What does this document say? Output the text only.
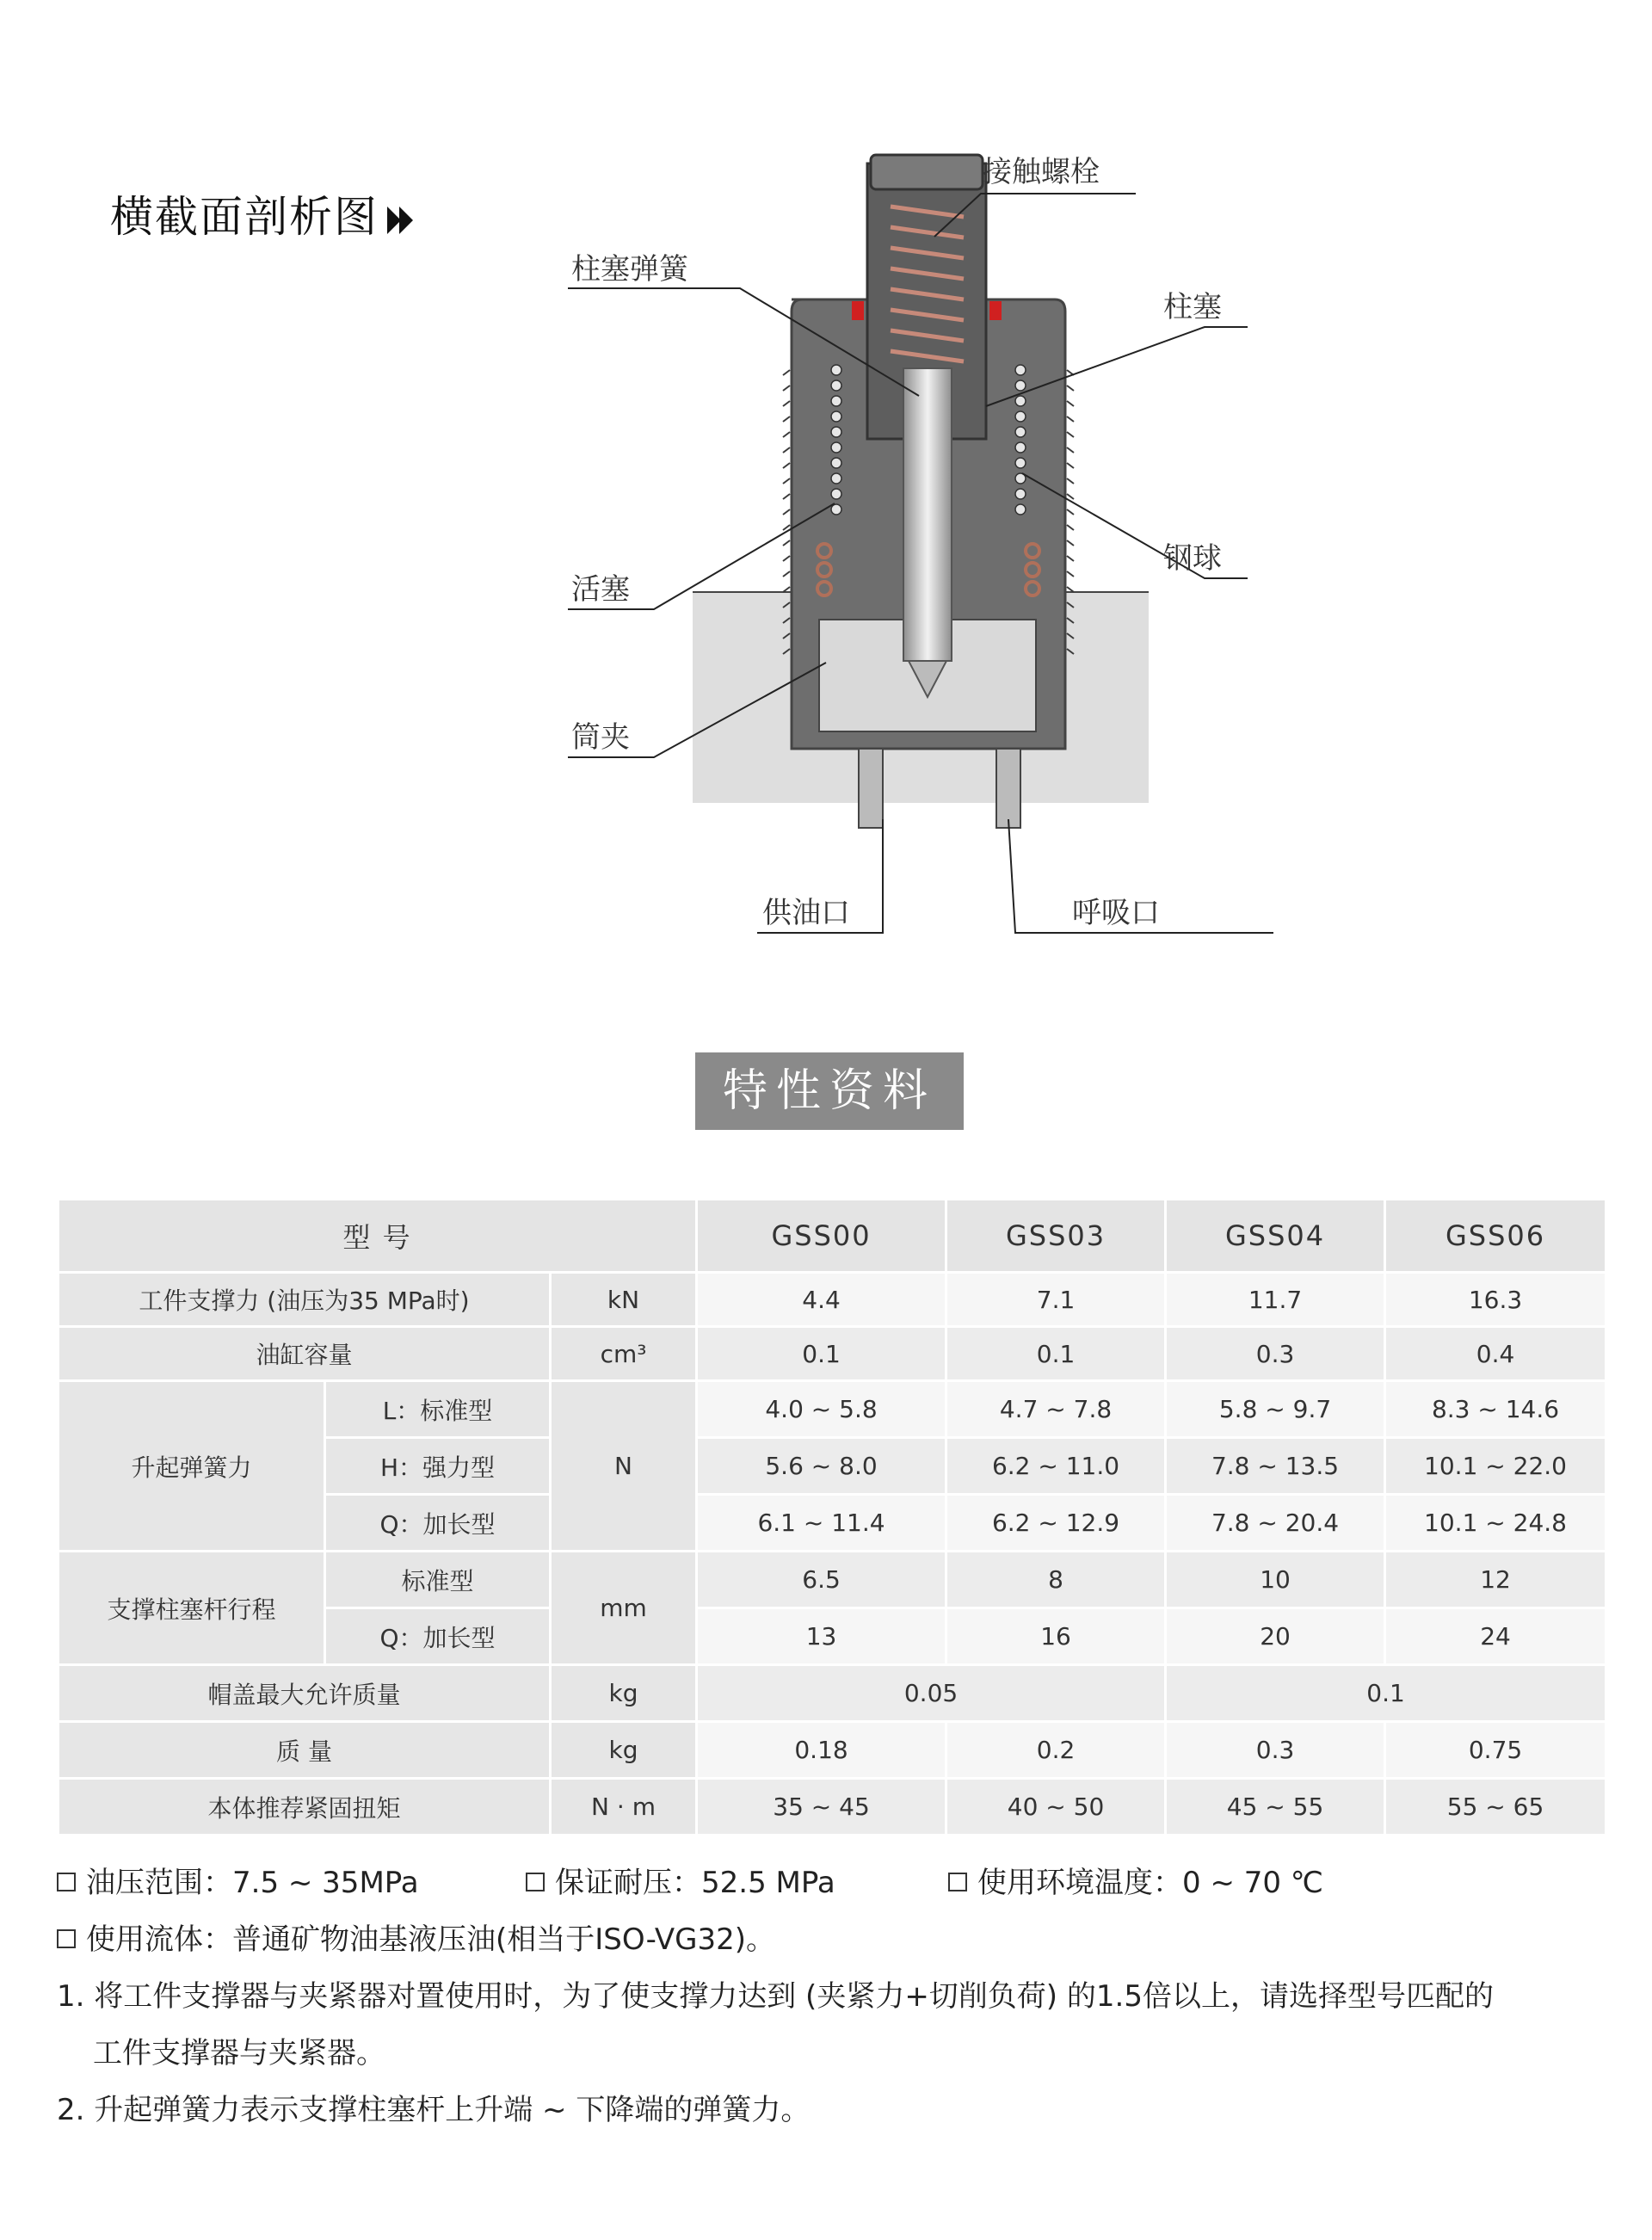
横截面剖析图
接触螺栓
柱塞弹簧
柱塞
钢球
活塞
筒夹
供油口	呼吸口
特性资料
型 号			GSS00	GSS03	GSS04	GSS06
工件支撑力 (油压为35 MPa时)		kN	4.4	7.1	11.7	16.3
油缸容量		cm³	0.1	0.1	0.3	0.4
升起弹簧力	L：标准型	N	4.0 ~ 5.8	4.7 ~ 7.8	5.8 ~ 9.7	8.3 ~ 14.6
	H：强力型		5.6 ~ 8.0	6.2 ~ 11.0	7.8 ~ 13.5	10.1 ~ 22.0
	Q：加长型		6.1 ~ 11.4	6.2 ~ 12.9	7.8 ~ 20.4	10.1 ~ 24.8
支撑柱塞杆行程	标准型	mm	6.5	8	10	12
	Q：加长型		13	16	20	24
帽盖最大允许质量		kg	0.05		0.1	
质 量		kg	0.18	0.2	0.3	0.75
本体推荐紧固扭矩		N · m	35 ~ 45	40 ~ 50	45 ~ 55	55 ~ 65
油压范围：7.5 ~ 35MPa	保证耐压：52.5 MPa	使用环境温度：0 ~ 70 ℃
使用流体：普通矿物油基液压油(相当于ISO-VG32)。
1. 将工件支撑器与夹紧器对置使用时，为了使支撑力达到 (夹紧力+切削负荷) 的1.5倍以上，请选择型号匹配的
工件支撑器与夹紧器。
2. 升起弹簧力表示支撑柱塞杆上升端 ~ 下降端的弹簧力。
